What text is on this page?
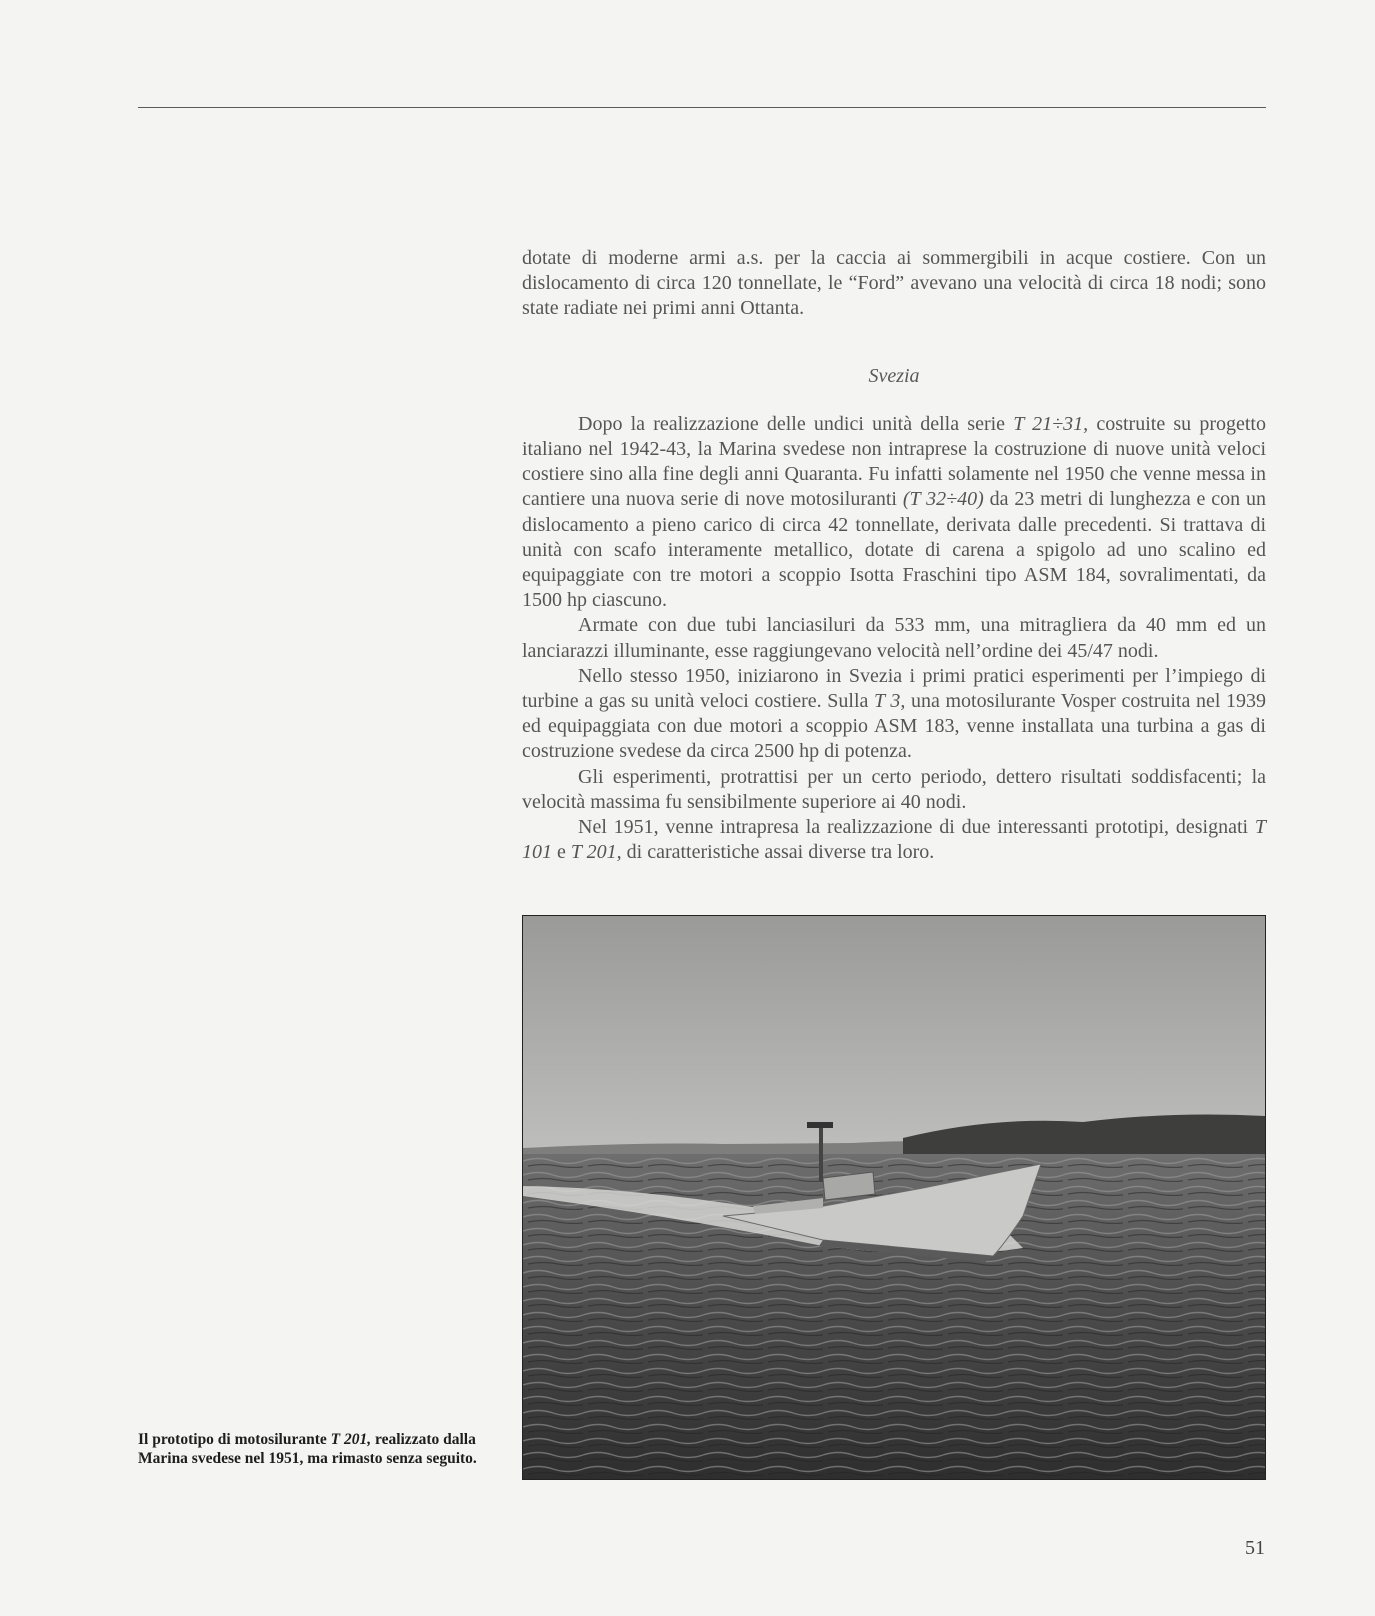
dotate di moderne armi a.s. per la caccia ai sommergibili in acque costiere. Con un dislocamento di circa 120 tonnellate, le “Ford” avevano una velocità di circa 18 nodi; sono state radiate nei primi anni Ottanta.

Svezia

Dopo la realizzazione delle undici unità della serie T 21÷31, costruite su progetto italiano nel 1942-43, la Marina svedese non intraprese la costruzione di nuove unità veloci costiere sino alla fine degli anni Quaranta. Fu infatti solamente nel 1950 che venne messa in cantiere una nuova serie di nove motosiluranti (T 32÷40) da 23 metri di lunghezza e con un dislocamento a pieno carico di circa 42 tonnellate, derivata dalle precedenti. Si trattava di unità con scafo interamente metallico, dotate di carena a spigolo ad uno scalino ed equipaggiate con tre motori a scoppio Isotta Fraschini tipo ASM 184, sovralimentati, da 1500 hp ciascuno.

Armate con due tubi lanciasiluri da 533 mm, una mitragliera da 40 mm ed un lanciarazzi illuminante, esse raggiungevano velocità nell’ordine dei 45/47 nodi.

Nello stesso 1950, iniziarono in Svezia i primi pratici esperimenti per l’impiego di turbine a gas su unità veloci costiere. Sulla T 3, una motosilurante Vosper costruita nel 1939 ed equipaggiata con due motori a scoppio ASM 183, venne installata una turbina a gas di costruzione svedese da circa 2500 hp di potenza.

Gli esperimenti, protrattisi per un certo periodo, dettero risultati soddisfacenti; la velocità massima fu sensibilmente superiore ai 40 nodi.

Nel 1951, venne intrapresa la realizzazione di due interessanti prototipi, designati T 101 e T 201, di caratteristiche assai diverse tra loro.

Il prototipo di motosilurante T 201, realizzato dalla Marina svedese nel 1951, ma rimasto senza seguito.
51
